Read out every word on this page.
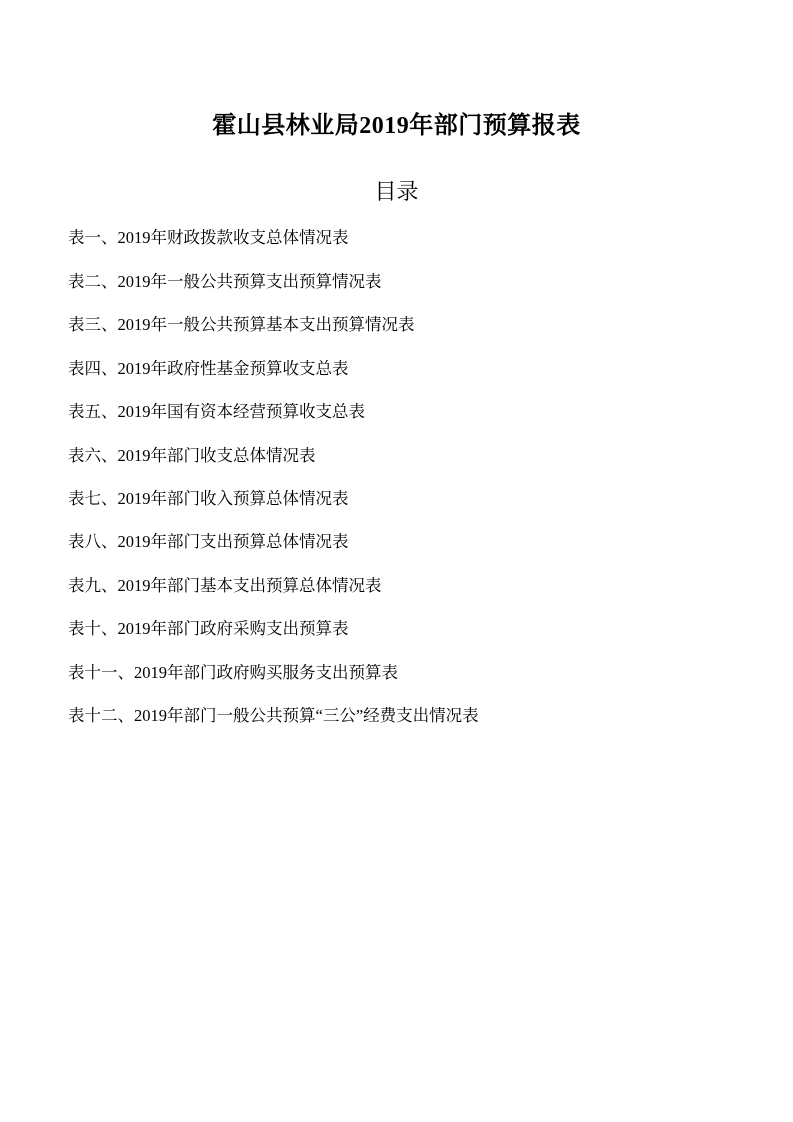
霍山县林业局2019年部门预算报表
目录
表一、2019年财政拨款收支总体情况表
表二、2019年一般公共预算支出预算情况表
表三、2019年一般公共预算基本支出预算情况表
表四、2019年政府性基金预算收支总表
表五、2019年国有资本经营预算收支总表
表六、2019年部门收支总体情况表
表七、2019年部门收入预算总体情况表
表八、2019年部门支出预算总体情况表
表九、2019年部门基本支出预算总体情况表
表十、2019年部门政府采购支出预算表
表十一、2019年部门政府购买服务支出预算表
表十二、2019年部门一般公共预算“三公”经费支出情况表
